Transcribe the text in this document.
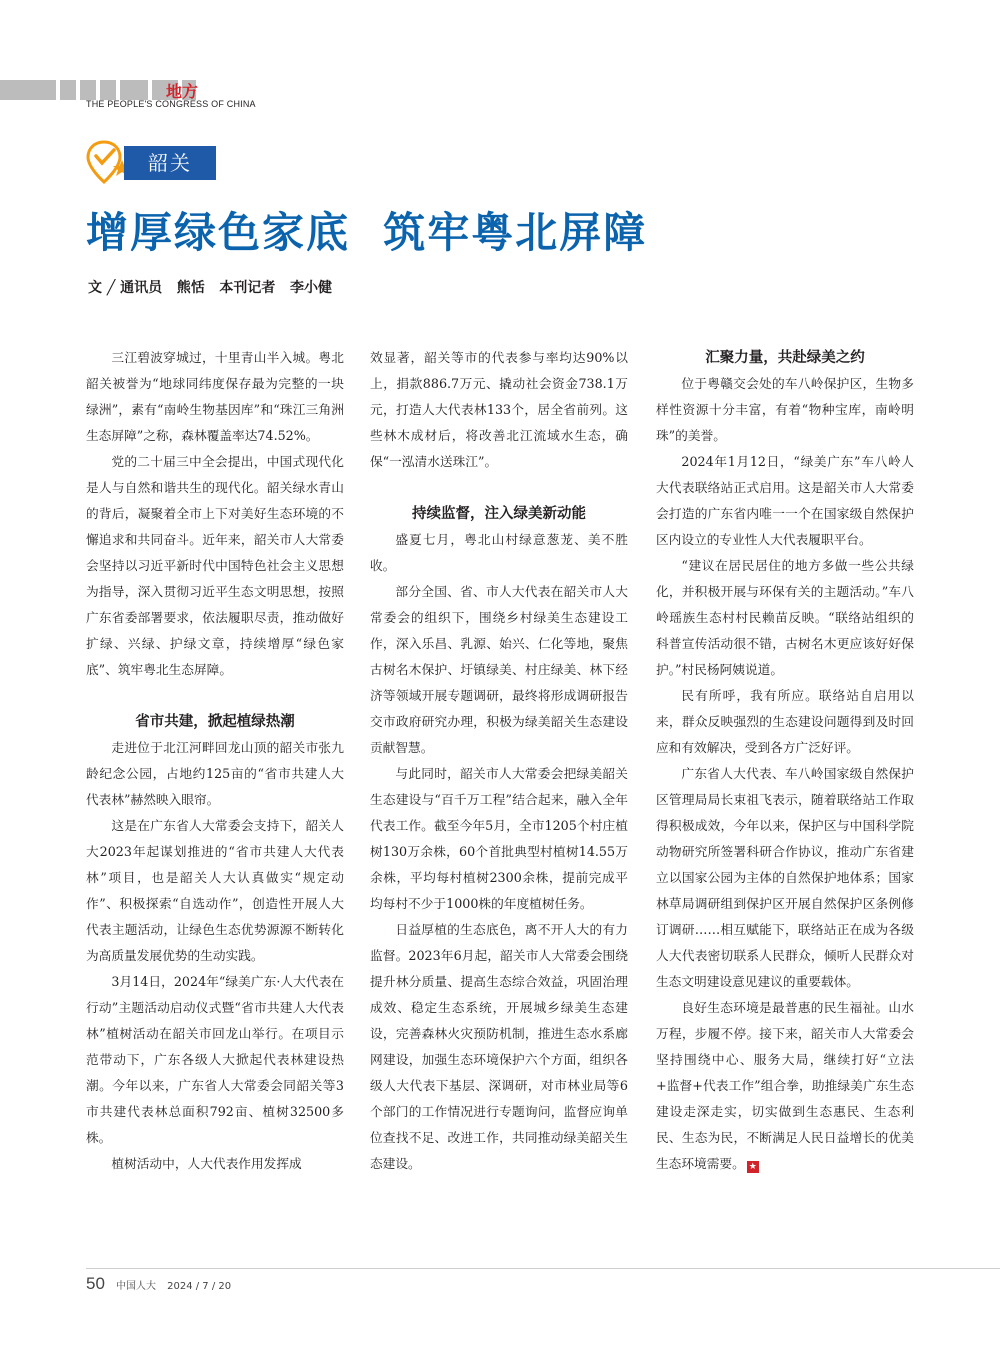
地方
THE PEOPLE'S CONGRESS OF CHINA
韶关
增厚绿色家底  筑牢粤北屏障
文 ╱ 通讯员   熊恬   本刊记者   李小健

三江碧波穿城过，十里青山半入城。粤北韶关被誉为“地球同纬度保存最为完整的一块绿洲”，素有“南岭生物基因库”和“珠江三角洲生态屏障”之称，森林覆盖率达74.52%。

党的二十届三中全会提出，中国式现代化是人与自然和谐共生的现代化。韶关绿水青山的背后，凝聚着全市上下对美好生态环境的不懈追求和共同奋斗。近年来，韶关市人大常委会坚持以习近平新时代中国特色社会主义思想为指导，深入贯彻习近平生态文明思想，按照广东省委部署要求，依法履职尽责，推动做好扩绿、兴绿、护绿文章，持续增厚“绿色家底”、筑牢粤北生态屏障。

省市共建，掀起植绿热潮

走进位于北江河畔回龙山顶的韶关市张九龄纪念公园，占地约125亩的“省市共建人大代表林”赫然映入眼帘。

这是在广东省人大常委会支持下，韶关人大2023年起谋划推进的“省市共建人大代表林”项目，也是韶关人大认真做实“规定动作”、积极探索“自选动作”，创造性开展人大代表主题活动，让绿色生态优势源源不断转化为高质量发展优势的生动实践。

3月14日，2024年“绿美广东·人大代表在行动”主题活动启动仪式暨“省市共建人大代表林”植树活动在韶关市回龙山举行。在项目示范带动下，广东各级人大掀起代表林建设热潮。今年以来，广东省人大常委会同韶关等3市共建代表林总面积792亩、植树32500多株。

植树活动中，人大代表作用发挥成

效显著，韶关等市的代表参与率均达90%以上，捐款886.7万元、撬动社会资金738.1万元，打造人大代表林133个，居全省前列。这些林木成材后，将改善北江流域水生态，确保“一泓清水送珠江”。

持续监督，注入绿美新动能

盛夏七月，粤北山村绿意葱茏、美不胜收。

部分全国、省、市人大代表在韶关市人大常委会的组织下，围绕乡村绿美生态建设工作，深入乐昌、乳源、始兴、仁化等地，聚焦古树名木保护、圩镇绿美、村庄绿美、林下经济等领域开展专题调研，最终将形成调研报告交市政府研究办理，积极为绿美韶关生态建设贡献智慧。

与此同时，韶关市人大常委会把绿美韶关生态建设与“百千万工程”结合起来，融入全年代表工作。截至今年5月，全市1205个村庄植树130万余株，60个首批典型村植树14.55万余株，平均每村植树2300余株，提前完成平均每村不少于1000株的年度植树任务。

日益厚植的生态底色，离不开人大的有力监督。2023年6月起，韶关市人大常委会围绕提升林分质量、提高生态综合效益，巩固治理成效、稳定生态系统，开展城乡绿美生态建设，完善森林火灾预防机制，推进生态水系廊网建设，加强生态环境保护六个方面，组织各级人大代表下基层、深调研，对市林业局等6个部门的工作情况进行专题询问，监督应询单位查找不足、改进工作，共同推动绿美韶关生态建设。

汇聚力量，共赴绿美之约

位于粤赣交会处的车八岭保护区，生物多样性资源十分丰富，有着“物种宝库，南岭明珠”的美誉。

2024年1月12日，“绿美广东”车八岭人大代表联络站正式启用。这是韶关市人大常委会打造的广东省内唯一一个在国家级自然保护区内设立的专业性人大代表履职平台。

“建议在居民居住的地方多做一些公共绿化，并积极开展与环保有关的主题活动。”车八岭瑶族生态村村民赖苗反映。“联络站组织的科普宣传活动很不错，古树名木更应该好好保护。”村民杨阿姨说道。

民有所呼，我有所应。联络站自启用以来，群众反映强烈的生态建设问题得到及时回应和有效解决，受到各方广泛好评。

广东省人大代表、车八岭国家级自然保护区管理局局长束祖飞表示，随着联络站工作取得积极成效，今年以来，保护区与中国科学院动物研究所签署科研合作协议，推动广东省建立以国家公园为主体的自然保护地体系；国家林草局调研组到保护区开展自然保护区条例修订调研……相互赋能下，联络站正在成为各级人大代表密切联系人民群众，倾听人民群众对生态文明建设意见建议的重要载体。

良好生态环境是最普惠的民生福祉。山水万程，步履不停。接下来，韶关市人大常委会坚持围绕中心、服务大局，继续打好“立法+监督+代表工作”组合拳，助推绿美广东生态建设走深走实，切实做到生态惠民、生态利民、生态为民，不断满足人民日益增长的优美生态环境需要。 ★

50 中国人大 2024 / 7 / 20
